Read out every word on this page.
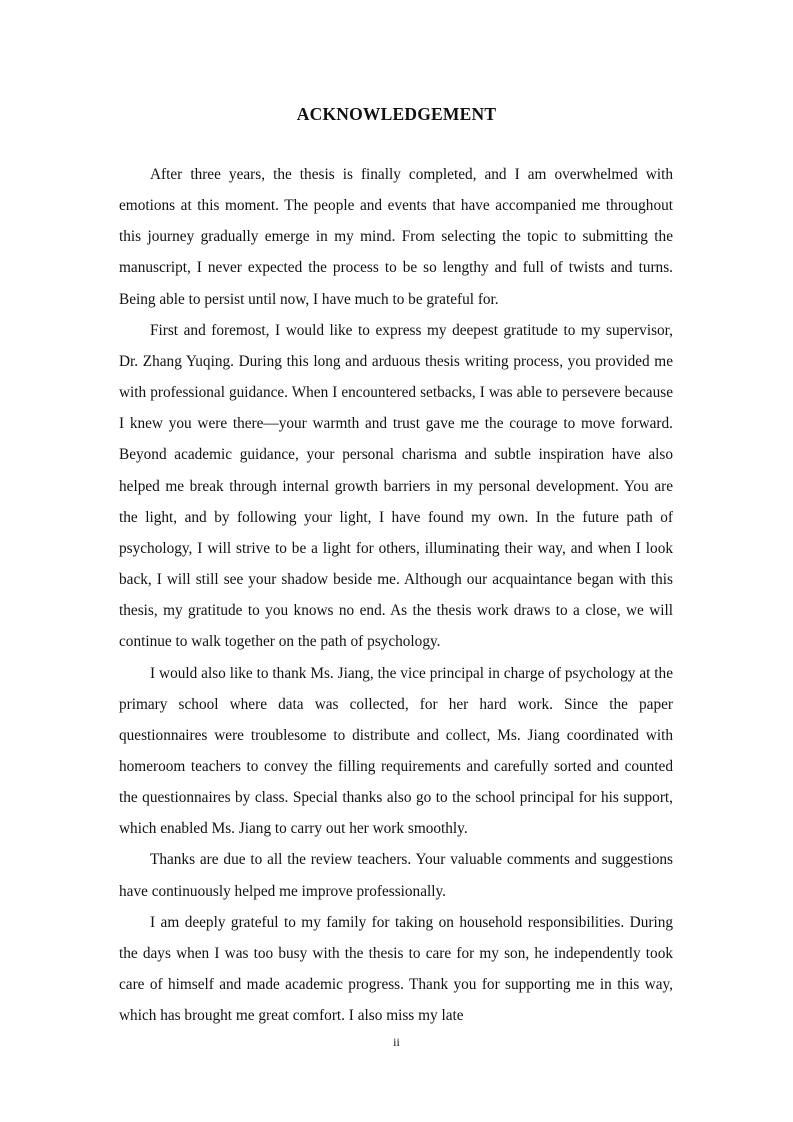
ACKNOWLEDGEMENT

After three years, the thesis is finally completed, and I am overwhelmed with emotions at this moment. The people and events that have accompanied me throughout this journey gradually emerge in my mind. From selecting the topic to submitting the manuscript, I never expected the process to be so lengthy and full of twists and turns. Being able to persist until now, I have much to be grateful for.

First and foremost, I would like to express my deepest gratitude to my supervisor, Dr. Zhang Yuqing. During this long and arduous thesis writing process, you provided me with professional guidance. When I encountered setbacks, I was able to persevere because I knew you were there—your warmth and trust gave me the courage to move forward. Beyond academic guidance, your personal charisma and subtle inspiration have also helped me break through internal growth barriers in my personal development. You are the light, and by following your light, I have found my own. In the future path of psychology, I will strive to be a light for others, illuminating their way, and when I look back, I will still see your shadow beside me. Although our acquaintance began with this thesis, my gratitude to you knows no end. As the thesis work draws to a close, we will continue to walk together on the path of psychology.

I would also like to thank Ms. Jiang, the vice principal in charge of psychology at the primary school where data was collected, for her hard work. Since the paper questionnaires were troublesome to distribute and collect, Ms. Jiang coordinated with homeroom teachers to convey the filling requirements and carefully sorted and counted the questionnaires by class. Special thanks also go to the school principal for his support, which enabled Ms. Jiang to carry out her work smoothly.

Thanks are due to all the review teachers. Your valuable comments and suggestions have continuously helped me improve professionally.

I am deeply grateful to my family for taking on household responsibilities. During the days when I was too busy with the thesis to care for my son, he independently took care of himself and made academic progress. Thank you for supporting me in this way, which has brought me great comfort. I also miss my late

ii
